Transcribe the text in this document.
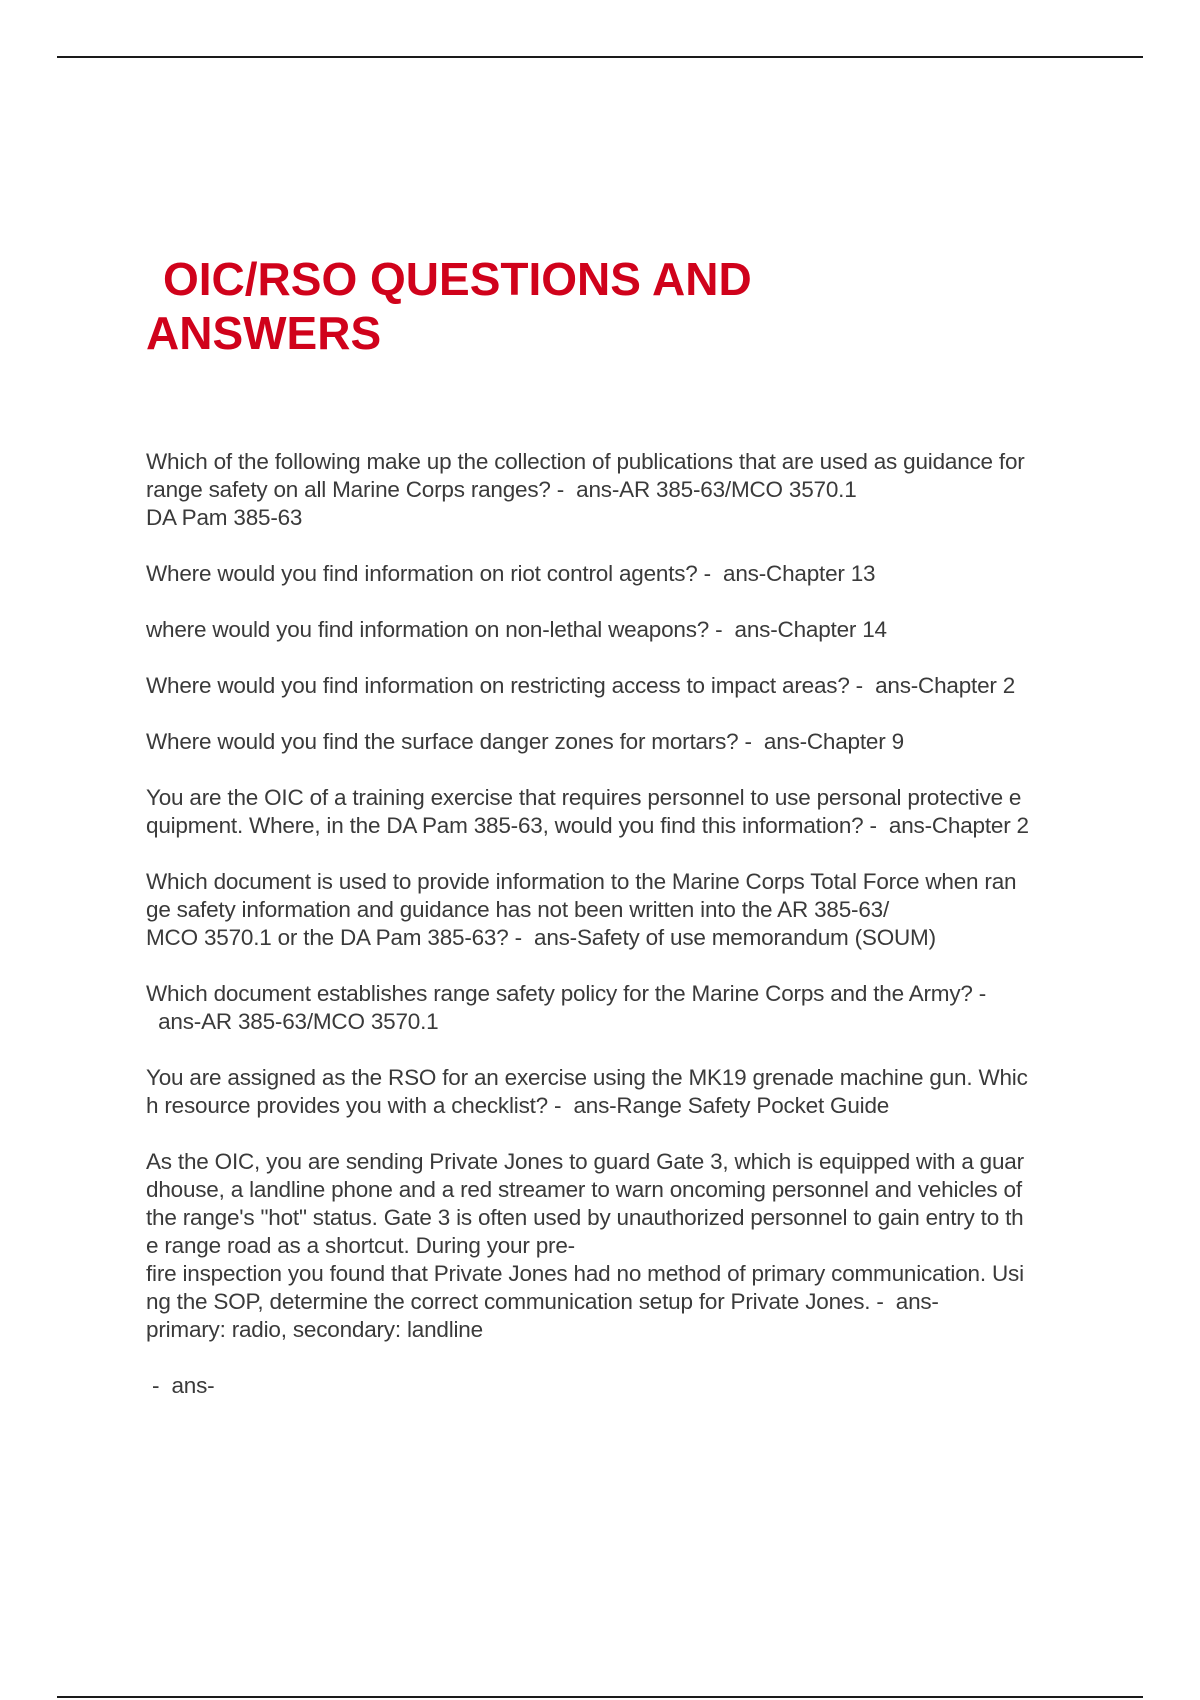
OIC/RSO QUESTIONS AND
ANSWERS

Which of the following make up the collection of publications that are used as guidance for
range safety on all Marine Corps ranges? -  ans-AR 385-63/MCO 3570.1
DA Pam 385-63

Where would you find information on riot control agents? -  ans-Chapter 13

where would you find information on non-lethal weapons? -  ans-Chapter 14

Where would you find information on restricting access to impact areas? -  ans-Chapter 2

Where would you find the surface danger zones for mortars? -  ans-Chapter 9

You are the OIC of a training exercise that requires personnel to use personal protective e
quipment. Where, in the DA Pam 385-63, would you find this information? -  ans-Chapter 2

Which document is used to provide information to the Marine Corps Total Force when ran
ge safety information and guidance has not been written into the AR 385-63/
MCO 3570.1 or the DA Pam 385-63? -  ans-Safety of use memorandum (SOUM)

Which document establishes range safety policy for the Marine Corps and the Army? -
ans-AR 385-63/MCO 3570.1

You are assigned as the RSO for an exercise using the MK19 grenade machine gun. Whic
h resource provides you with a checklist? -  ans-Range Safety Pocket Guide

As the OIC, you are sending Private Jones to guard Gate 3, which is equipped with a guar
dhouse, a landline phone and a red streamer to warn oncoming personnel and vehicles of
the range's "hot" status. Gate 3 is often used by unauthorized personnel to gain entry to th
e range road as a shortcut. During your pre-
fire inspection you found that Private Jones had no method of primary communication. Usi
ng the SOP, determine the correct communication setup for Private Jones. -  ans-
primary: radio, secondary: landline

-  ans-
